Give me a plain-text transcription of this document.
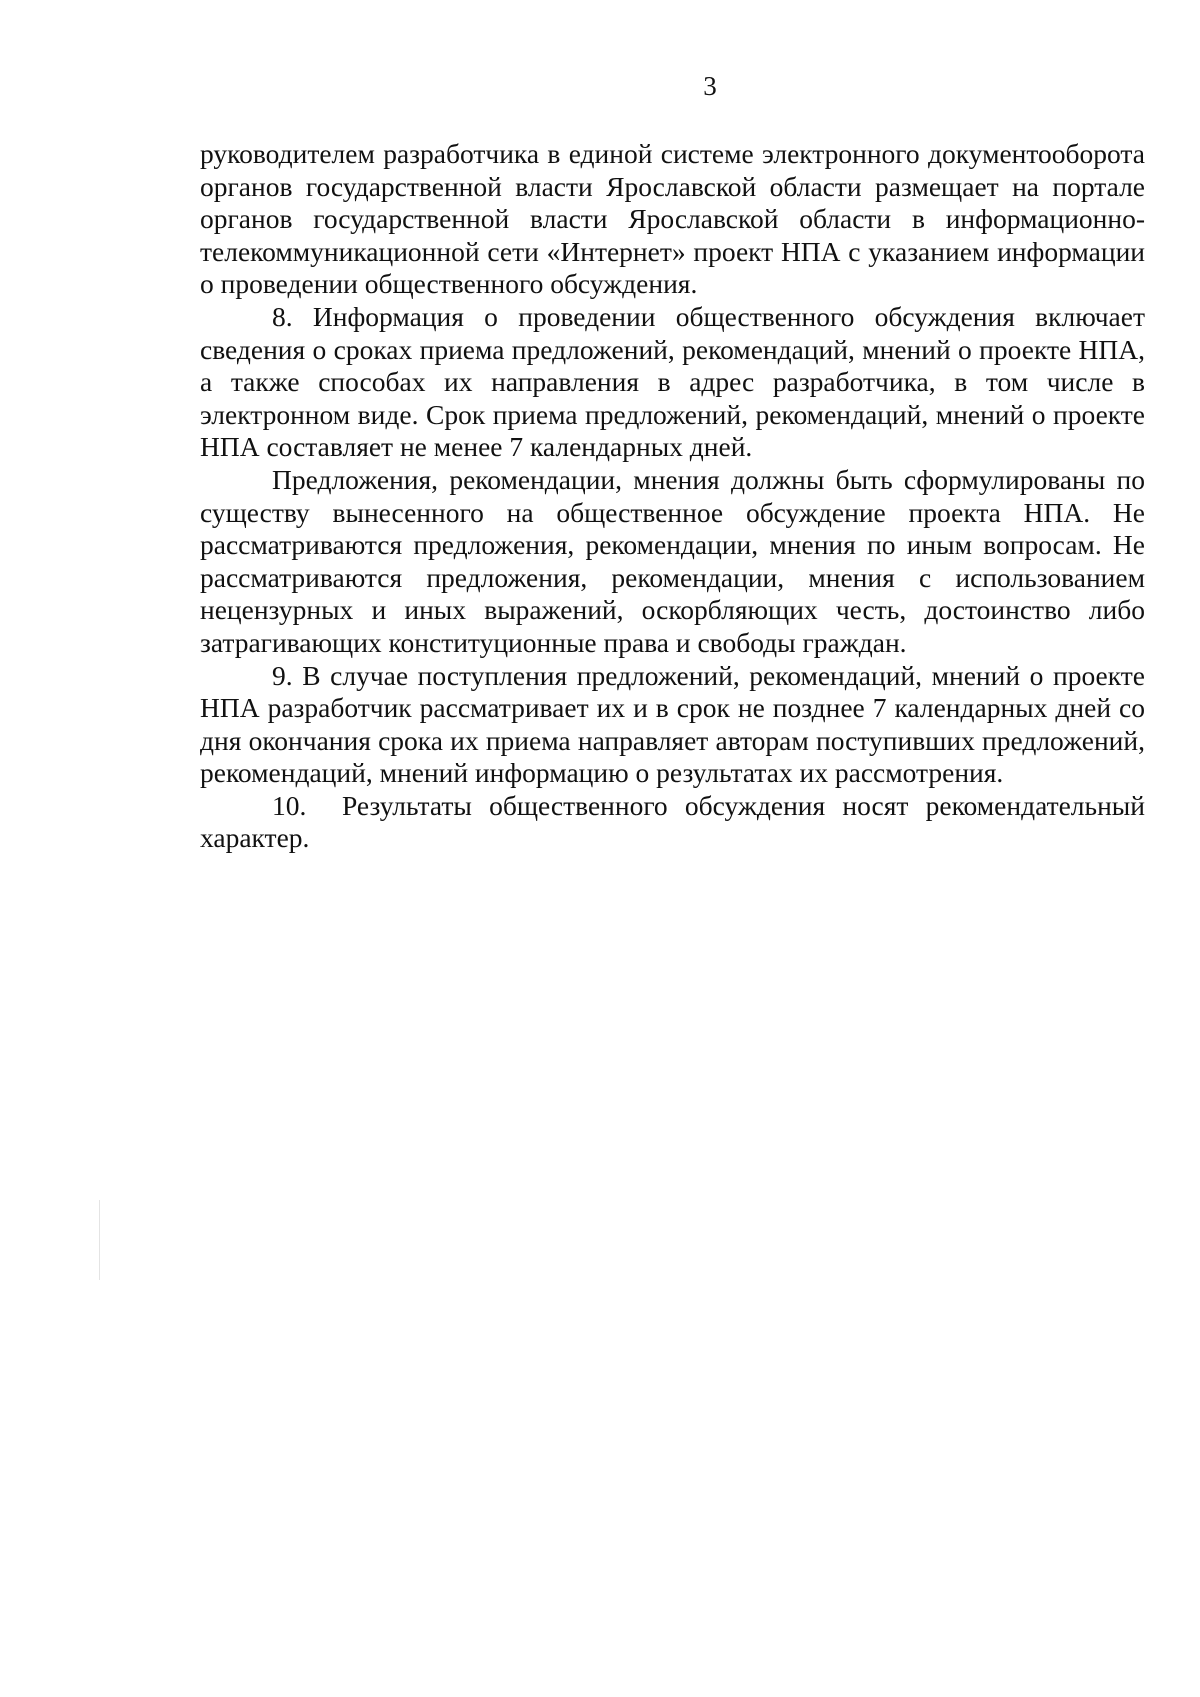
3

руководителем разработчика в единой системе электронного документооборота органов государственной власти Ярославской области размещает на портале органов государственной власти Ярославской области в информационно-телекоммуникационной сети «Интернет» проект НПА с указанием информации о проведении общественного обсуждения.

8. Информация о проведении общественного обсуждения включает сведения о сроках приема предложений, рекомендаций, мнений о проекте НПА, а также способах их направления в адрес разработчика, в том числе в электронном виде. Срок приема предложений, рекомендаций, мнений о проекте НПА составляет не менее 7 календарных дней.

Предложения, рекомендации, мнения должны быть сформулированы по существу вынесенного на общественное обсуждение проекта НПА. Не рассматриваются предложения, рекомендации, мнения по иным вопросам. Не рассматриваются предложения, рекомендации, мнения с использованием нецензурных и иных выражений, оскорбляющих честь, достоинство либо затрагивающих конституционные права и свободы граждан.

9. В случае поступления предложений, рекомендаций, мнений о проекте НПА разработчик рассматривает их и в срок не позднее 7 календарных дней со дня окончания срока их приема направляет авторам поступивших предложений, рекомендаций, мнений информацию о результатах их рассмотрения.

10. Результаты общественного обсуждения носят рекомендательный характер.
